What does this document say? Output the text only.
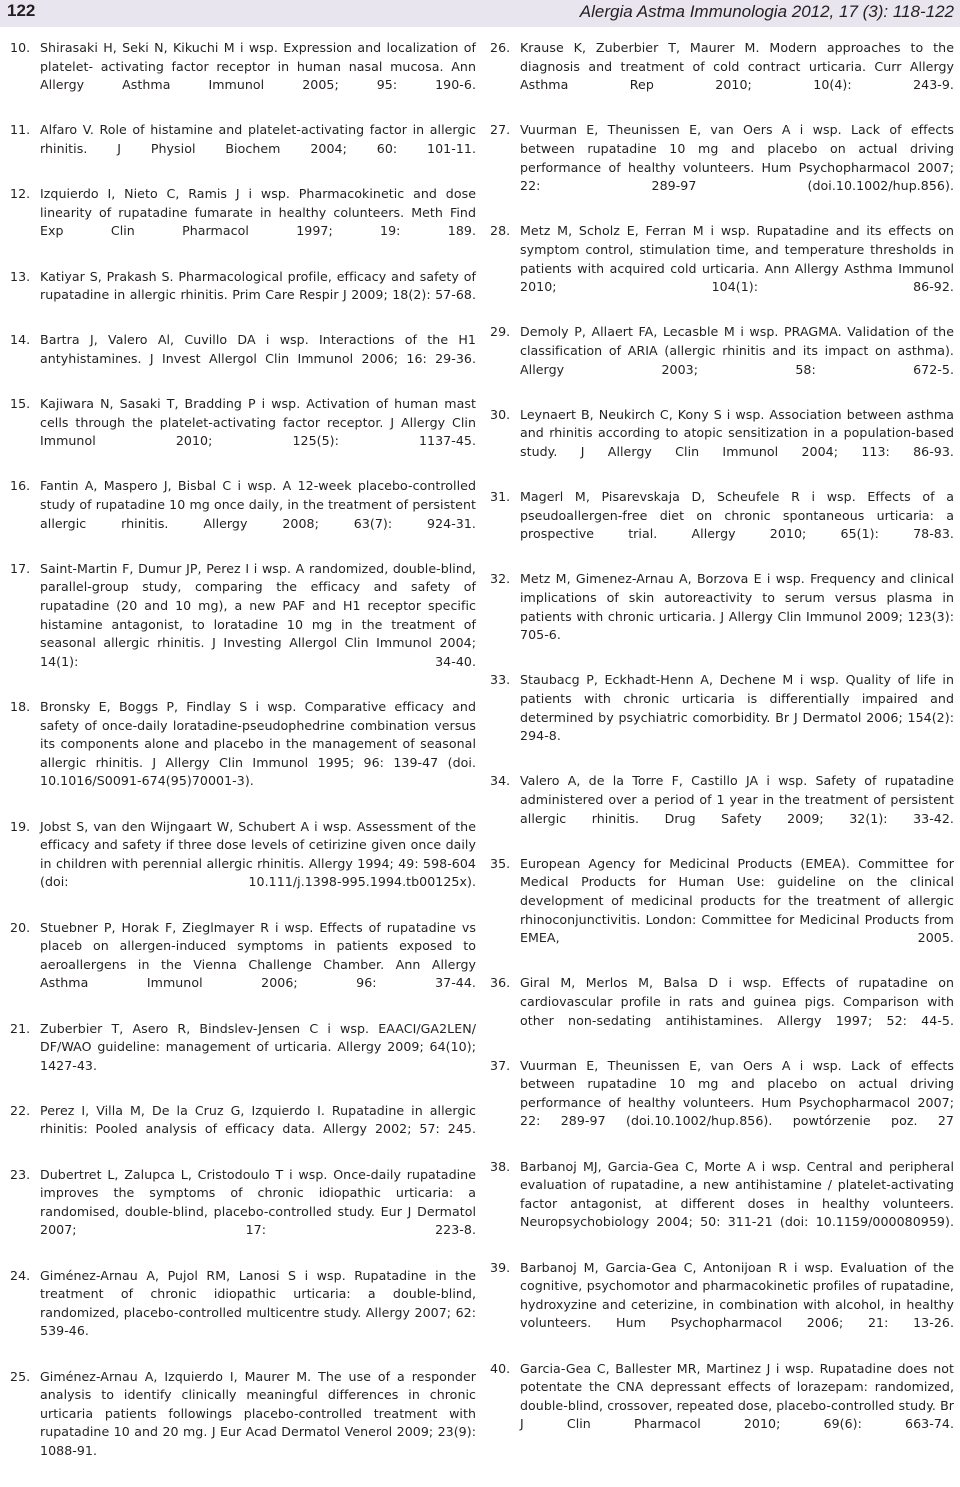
122	Alergia Astma Immunologia 2012, 17 (3): 118-122
10. Shirasaki H, Seki N, Kikuchi M i wsp. Expression and localization of platelet- activating factor receptor in human nasal mucosa. Ann Allergy Asthma Immunol 2005; 95: 190-6.
11. Alfaro V. Role of histamine and platelet-activating factor in allergic rhinitis. J Physiol Biochem 2004; 60: 101-11.
12. Izquierdo I, Nieto C, Ramis J i wsp. Pharmacokinetic and dose linearity of rupatadine fumarate in healthy colunteers. Meth Find Exp Clin Pharmacol 1997; 19: 189.
13. Katiyar S, Prakash S. Pharmacological profile, efficacy and safety of rupatadine in allergic rhinitis. Prim Care Respir J 2009; 18(2): 57-68.
14. Bartra J, Valero Al, Cuvillo DA i wsp. Interactions of the H1 antyhistamines. J Invest Allergol Clin Immunol 2006; 16: 29-36.
15. Kajiwara N, Sasaki T, Bradding P i wsp. Activation of human mast cells through the platelet-activating factor receptor. J Allergy Clin Immunol 2010; 125(5): 1137-45.
16. Fantin A, Maspero J, Bisbal C i wsp. A 12-week placebo-controlled study of rupatadine 10 mg once daily, in the treatment of persistent allergic rhinitis. Allergy 2008; 63(7): 924-31.
17. Saint-Martin F, Dumur JP, Perez I i wsp. A randomized, double-blind, parallel-group study, comparing the efficacy and safety of rupatadine (20 and 10 mg), a new PAF and H1 receptor specific histamine antagonist, to loratadine 10 mg in the treatment of seasonal allergic rhinitis. J Investing Allergol Clin Immunol 2004; 14(1): 34-40.
18. Bronsky E, Boggs P, Findlay S i wsp. Comparative efficacy and safety of once-daily loratadine-pseudophedrine combination versus its components alone and placebo in the management of seasonal allergic rhinitis. J Allergy Clin Immunol 1995; 96: 139-47 (doi. 10.1016/S0091-674(95)70001-3).
19. Jobst S, van den Wijngaart W, Schubert A i wsp. Assessment of the efficacy and safety if three dose levels of cetirizine given once daily in children with perennial allergic rhinitis. Allergy 1994; 49: 598-604 (doi: 10.111/j.1398-995.1994.tb00125x).
20. Stuebner P, Horak F, Zieglmayer R i wsp. Effects of rupatadine vs placeb on allergen-induced symptoms in patients exposed to aeroallergens in the Vienna Challenge Chamber. Ann Allergy Asthma Immunol 2006; 96: 37-44.
21. Zuberbier T, Asero R, Bindslev-Jensen C i wsp. EAACI/GA2LEN/ DF/WAO guideline: management of urticaria. Allergy 2009; 64(10); 1427-43.
22. Perez I, Villa M, De la Cruz G, Izquierdo I. Rupatadine in allergic rhinitis: Pooled analysis of efficacy data. Allergy 2002; 57: 245.
23. Dubertret L, Zalupca L, Cristodoulo T i wsp. Once-daily rupatadine improves the symptoms of chronic idiopathic urticaria: a randomised, double-blind, placebo-controlled study. Eur J Dermatol 2007; 17: 223-8.
24. Giménez-Arnau A, Pujol RM, Lanosi S i wsp. Rupatadine in the treatment of chronic idiopathic urticaria: a double-blind, randomized, placebo-controlled multicentre study. Allergy 2007; 62: 539-46.
25. Giménez-Arnau A, Izquierdo I, Maurer M. The use of a responder analysis to identify clinically meaningful differences in chronic urticaria patients followings placebo-controlled treatment with rupatadine 10 and 20 mg. J Eur Acad Dermatol Venerol 2009; 23(9): 1088-91.
26. Krause K, Zuberbier T, Maurer M. Modern approaches to the diagnosis and treatment of cold contract urticaria. Curr Allergy Asthma Rep 2010; 10(4): 243-9.
27. Vuurman E, Theunissen E, van Oers A i wsp. Lack of effects between rupatadine 10 mg and placebo on actual driving performance of healthy volunteers. Hum Psychopharmacol 2007; 22: 289-97 (doi.10.1002/hup.856).
28. Metz M, Scholz E, Ferran M i wsp. Rupatadine and its effects on symptom control, stimulation time, and temperature thresholds in patients with acquired cold urticaria. Ann Allergy Asthma Immunol 2010; 104(1): 86-92.
29. Demoly P, Allaert FA, Lecasble M i wsp. PRAGMA. Validation of the classification of ARIA (allergic rhinitis and its impact on asthma). Allergy 2003; 58: 672-5.
30. Leynaert B, Neukirch C, Kony S i wsp. Association between asthma and rhinitis according to atopic sensitization in a population-based study. J Allergy Clin Immunol 2004; 113: 86-93.
31. Magerl M, Pisarevskaja D, Scheufele R i wsp. Effects of a pseudoallergen-free diet on chronic spontaneous urticaria: a prospective trial. Allergy 2010; 65(1): 78-83.
32. Metz M, Gimenez-Arnau A, Borzova E i wsp. Frequency and clinical implications of skin autoreactivity to serum versus plasma in patients with chronic urticaria. J Allergy Clin Immunol 2009; 123(3): 705-6.
33. Staubacg P, Eckhadt-Henn A, Dechene M i wsp. Quality of life in patients with chronic urticaria is differentially impaired and determined by psychiatric comorbidity. Br J Dermatol 2006; 154(2): 294-8.
34. Valero A, de la Torre F, Castillo JA i wsp. Safety of rupatadine administered over a period of 1 year in the treatment of persistent allergic rhinitis. Drug Safety 2009; 32(1): 33-42.
35. European Agency for Medicinal Products (EMEA). Committee for Medical Products for Human Use: guideline on the clinical development of medicinal products for the treatment of allergic rhinoconjunctivitis. London: Committee for Medicinal Products from EMEA, 2005.
36. Giral M, Merlos M, Balsa D i wsp. Effects of rupatadine on cardiovascular profile in rats and guinea pigs. Comparison with other non-sedating antihistamines. Allergy 1997; 52: 44-5.
37. Vuurman E, Theunissen E, van Oers A i wsp. Lack of effects between rupatadine 10 mg and placebo on actual driving performance of healthy volunteers. Hum Psychopharmacol 2007; 22: 289-97 (doi.10.1002/hup.856). powtórzenie poz. 27
38. Barbanoj MJ, Garcia-Gea C, Morte A i wsp. Central and peripheral evaluation of rupatadine, a new antihistamine / platelet-activating factor antagonist, at different doses in healthy volunteers. Neuropsychobiology 2004; 50: 311-21 (doi: 10.1159/000080959).
39. Barbanoj M, Garcia-Gea C, Antonijoan R i wsp. Evaluation of the cognitive, psychomotor and pharmacokinetic profiles of rupatadine, hydroxyzine and ceterizine, in combination with alcohol, in healthy volunteers. Hum Psychopharmacol 2006; 21: 13-26.
40. Garcia-Gea C, Ballester MR, Martinez J i wsp. Rupatadine does not potentate the CNA depressant effects of lorazepam: randomized, double-blind, crossover, repeated dose, placebo-controlled study. Br J Clin Pharmacol 2010; 69(6): 663-74.
